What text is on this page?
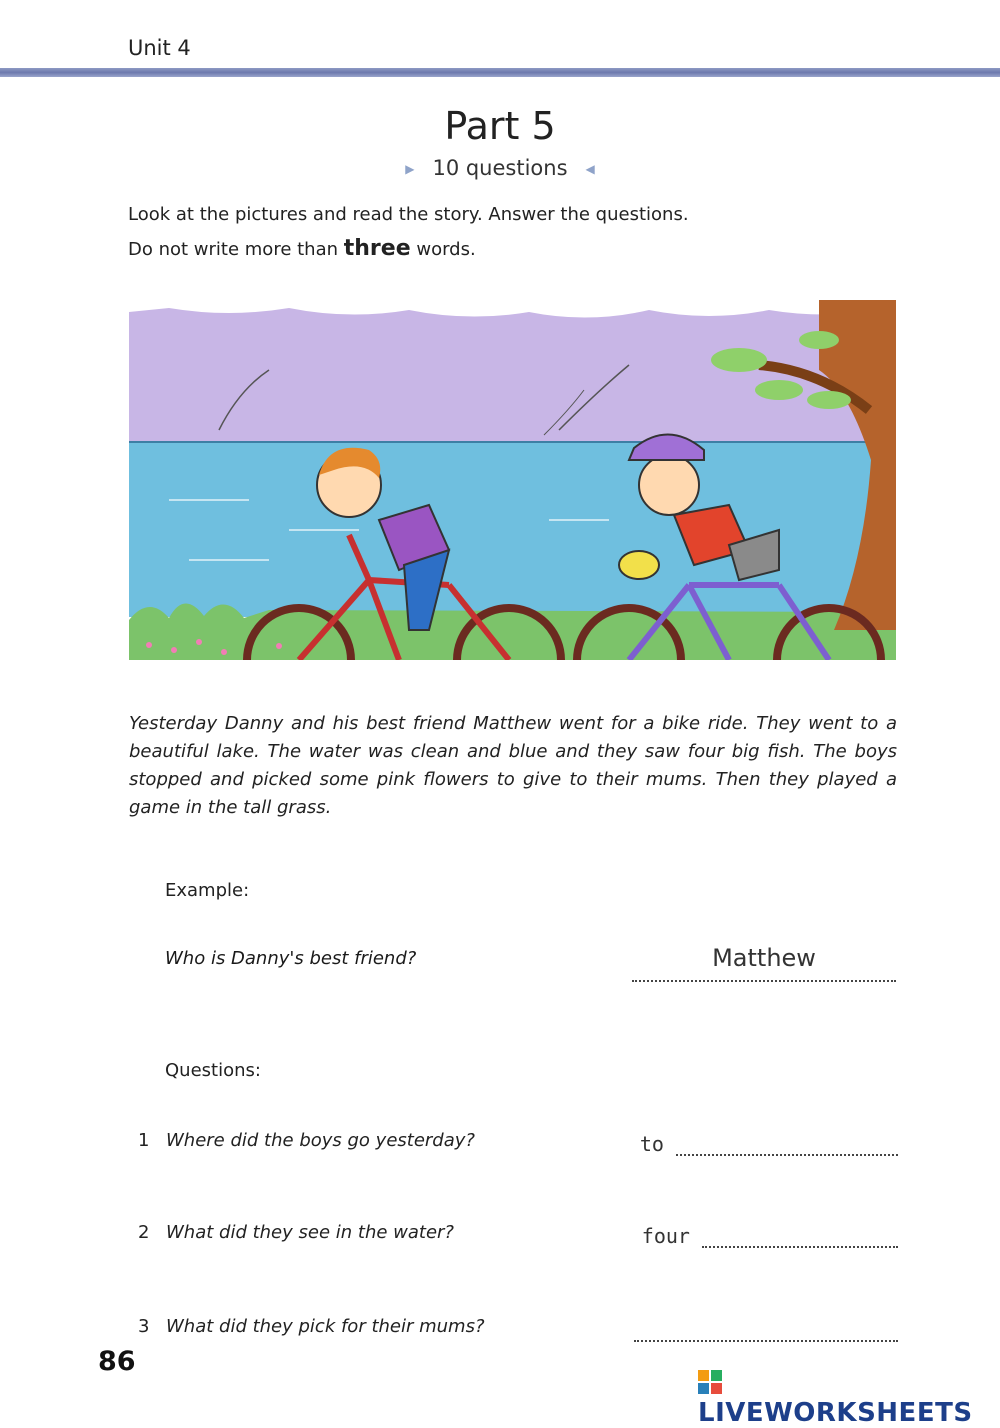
Unit 4
Part 5
▶ 10 questions ◀
Look at the pictures and read the story. Answer the questions.
Do not write more than three words.
Yesterday Danny and his best friend Matthew went for a bike ride. They went to a beautiful lake. The water was clean and blue and they saw four big fish. The boys stopped and picked some pink flowers to give to their mums. Then they played a game in the tall grass.
Example:
Who is Danny's best friend?	Matthew
Questions:
1 Where did the boys go yesterday?	to
2 What did they see in the water?	four
3 What did they pick for their mums?
86
LIVEWORKSHEETS
